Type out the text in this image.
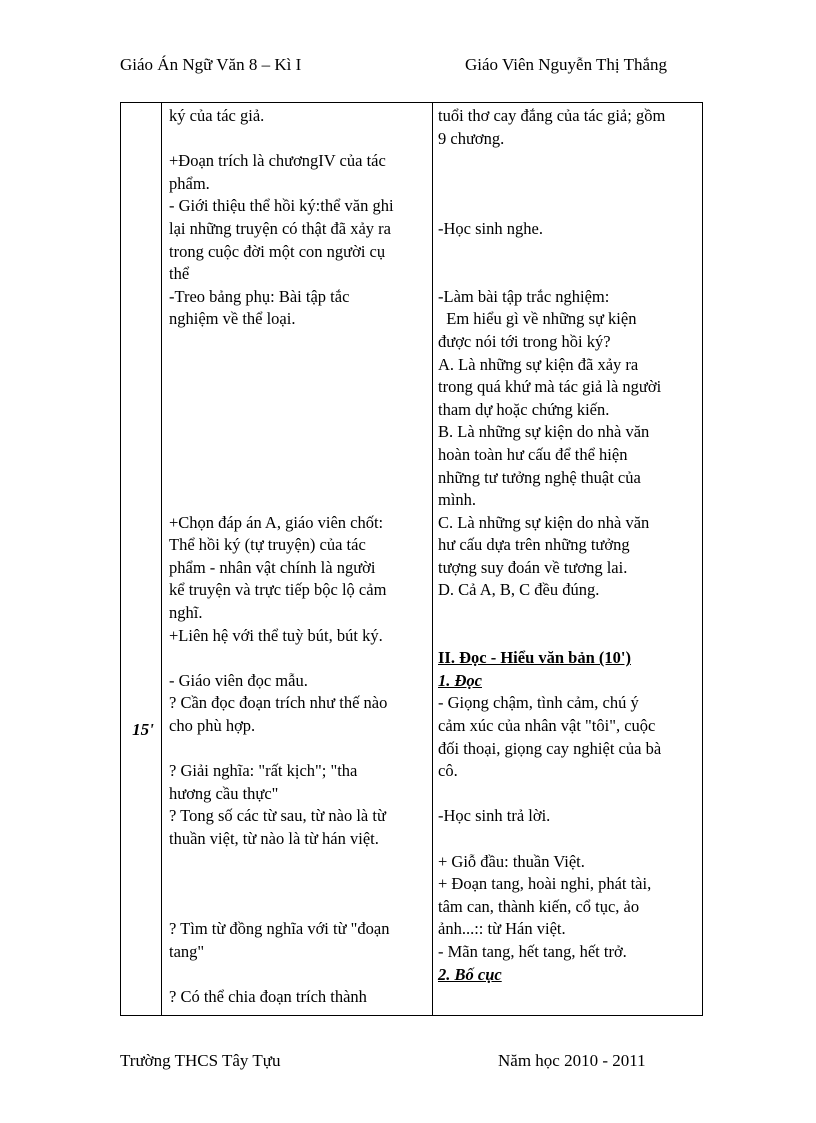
Giáo Án Ngữ Văn 8 – Kì I	Giáo Viên Nguyễn Thị Thắng
15'

ký của tác giả.

+Đoạn trích là chươngIV của tác

phẩm.

- Giới thiệu thể hồi ký:thể văn ghi

lại những truyện có thật đã xảy ra

trong cuộc đời một con người cụ

thể

-Treo bảng phụ: Bài tập tắc

nghiệm về thể loại.

+Chọn đáp án A, giáo viên chốt:

Thể hồi ký (tự truyện) của tác

phẩm - nhân vật chính là người

kể truyện và trực tiếp bộc lộ cảm

nghĩ.

+Liên hệ với thể tuỳ bút, bút ký.

- Giáo viên đọc mẫu.

? Cần đọc đoạn trích như thế nào

cho phù hợp.

? Giải nghĩa: "rất kịch"; "tha

hương cầu thực"

? Tong số các từ sau, từ nào là từ

thuần việt, từ nào là từ hán việt.

? Tìm từ đồng nghĩa với từ "đoạn

tang"

? Có thể chia đoạn trích thành

tuổi thơ cay đắng của tác giả; gồm

9 chương.

-Học sinh nghe.

-Làm bài tập trắc nghiệm:

Em hiểu gì về những sự kiện

được nói tới trong hồi ký?

A. Là những sự kiện đã xảy ra

trong quá khứ mà tác giả là người

tham dự hoặc chứng kiến.

B. Là những sự kiện do nhà văn

hoàn toàn hư cấu để thể hiện

những tư tưởng nghệ thuật của

mình.

C. Là những sự kiện do nhà văn

hư cấu dựa trên những tưởng

tượng suy đoán về tương lai.

D. Cả A, B, C đều đúng.

II. Đọc - Hiểu văn bản (10')

1. Đọc

- Giọng chậm, tình cảm, chú ý

cảm xúc của nhân vật "tôi", cuộc

đối thoại, giọng cay nghiệt của bà

cô.

-Học sinh trả lời.

+ Giỗ đầu: thuần Việt.

+ Đoạn tang, hoài nghi, phát tài,

tâm can, thành kiến, cổ tục, ảo

ảnh...:: từ Hán việt.

- Mãn tang, hết tang, hết trở.

2. Bố cục

Trường THCS Tây Tựu	Năm học 2010 - 2011
